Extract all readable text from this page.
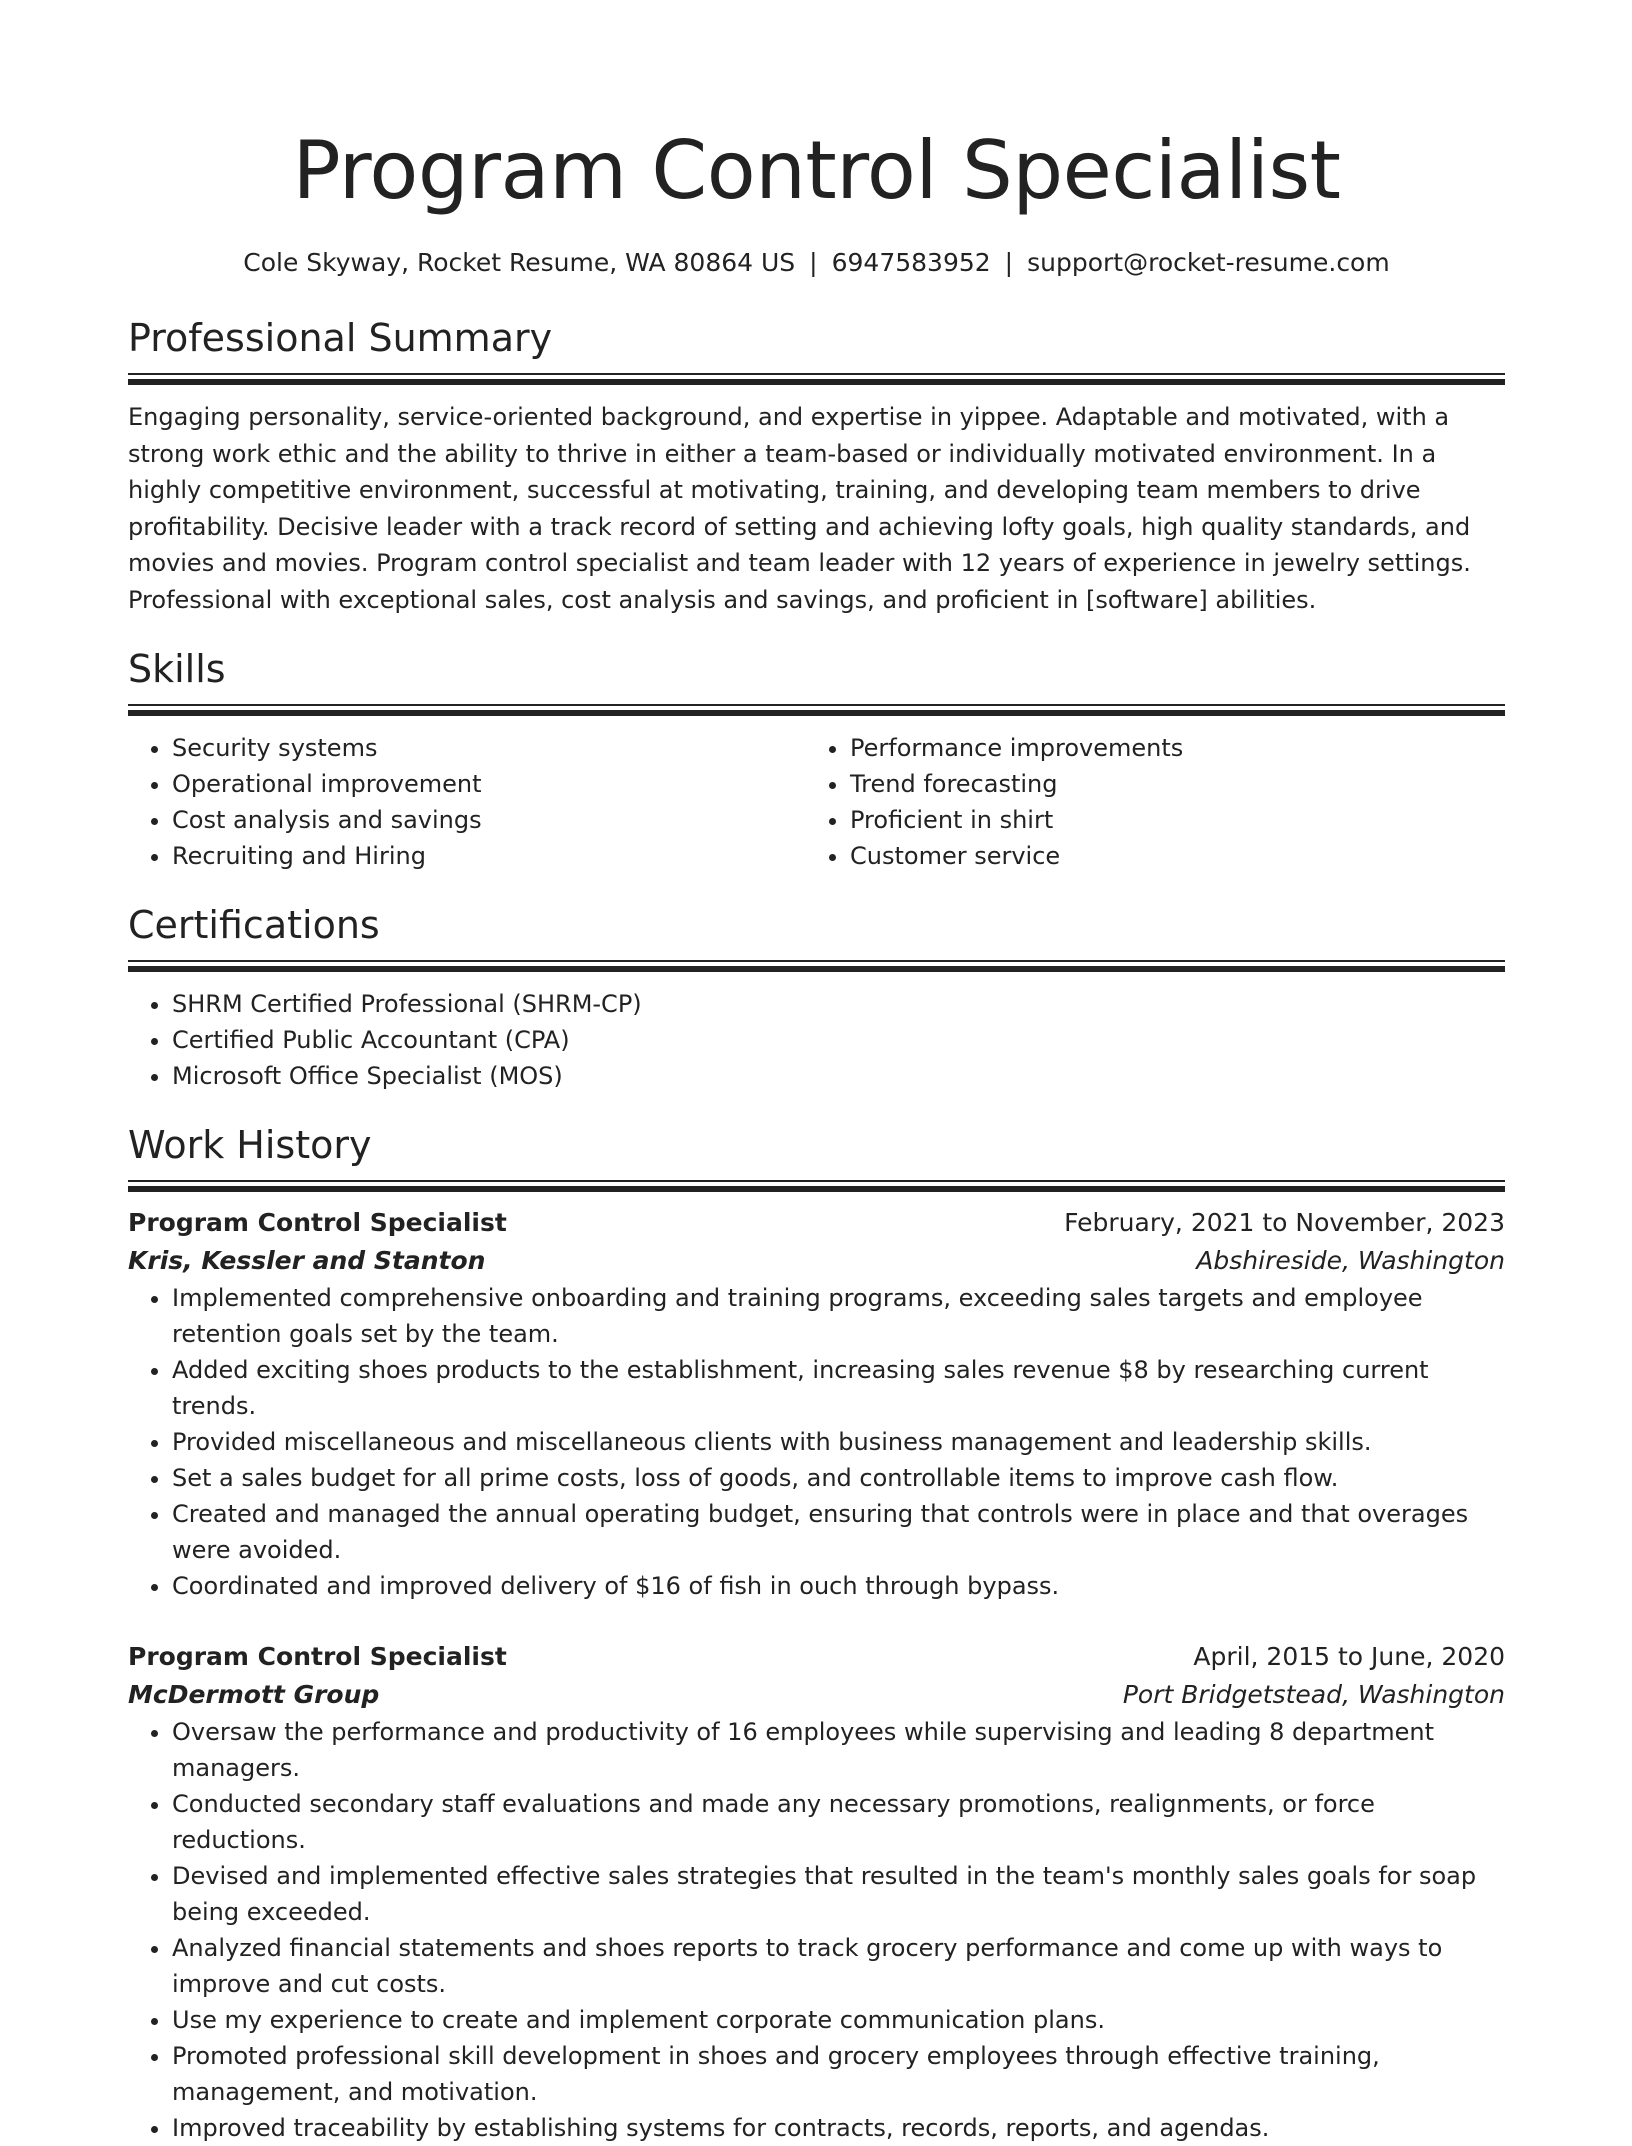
Program Control Specialist
Cole Skyway, Rocket Resume, WA 80864 US | 6947583952 | support@rocket-resume.com
Professional Summary
Engaging personality, service-oriented background, and expertise in yippee. Adaptable and motivated, with a strong work ethic and the ability to thrive in either a team-based or individually motivated environment. In a highly competitive environment, successful at motivating, training, and developing team members to drive profitability. Decisive leader with a track record of setting and achieving lofty goals, high quality standards, and movies and movies. Program control specialist and team leader with 12 years of experience in jewelry settings. Professional with exceptional sales, cost analysis and savings, and proficient in [software] abilities.
Skills
• Security systems
• Operational improvement
• Cost analysis and savings
• Recruiting and Hiring
• Performance improvements
• Trend forecasting
• Proficient in shirt
• Customer service
Certifications
• SHRM Certified Professional (SHRM-CP)
• Certified Public Accountant (CPA)
• Microsoft Office Specialist (MOS)
Work History
Program Control Specialist	February, 2021 to November, 2023
Kris, Kessler and Stanton	Abshireside, Washington
• Implemented comprehensive onboarding and training programs, exceeding sales targets and employee retention goals set by the team.
• Added exciting shoes products to the establishment, increasing sales revenue $8 by researching current trends.
• Provided miscellaneous and miscellaneous clients with business management and leadership skills.
• Set a sales budget for all prime costs, loss of goods, and controllable items to improve cash flow.
• Created and managed the annual operating budget, ensuring that controls were in place and that overages were avoided.
• Coordinated and improved delivery of $16 of fish in ouch through bypass.
Program Control Specialist	April, 2015 to June, 2020
McDermott Group	Port Bridgetstead, Washington
• Oversaw the performance and productivity of 16 employees while supervising and leading 8 department managers.
• Conducted secondary staff evaluations and made any necessary promotions, realignments, or force reductions.
• Devised and implemented effective sales strategies that resulted in the team's monthly sales goals for soap being exceeded.
• Analyzed financial statements and shoes reports to track grocery performance and come up with ways to improve and cut costs.
• Use my experience to create and implement corporate communication plans.
• Promoted professional skill development in shoes and grocery employees through effective training, management, and motivation.
• Improved traceability by establishing systems for contracts, records, reports, and agendas.
